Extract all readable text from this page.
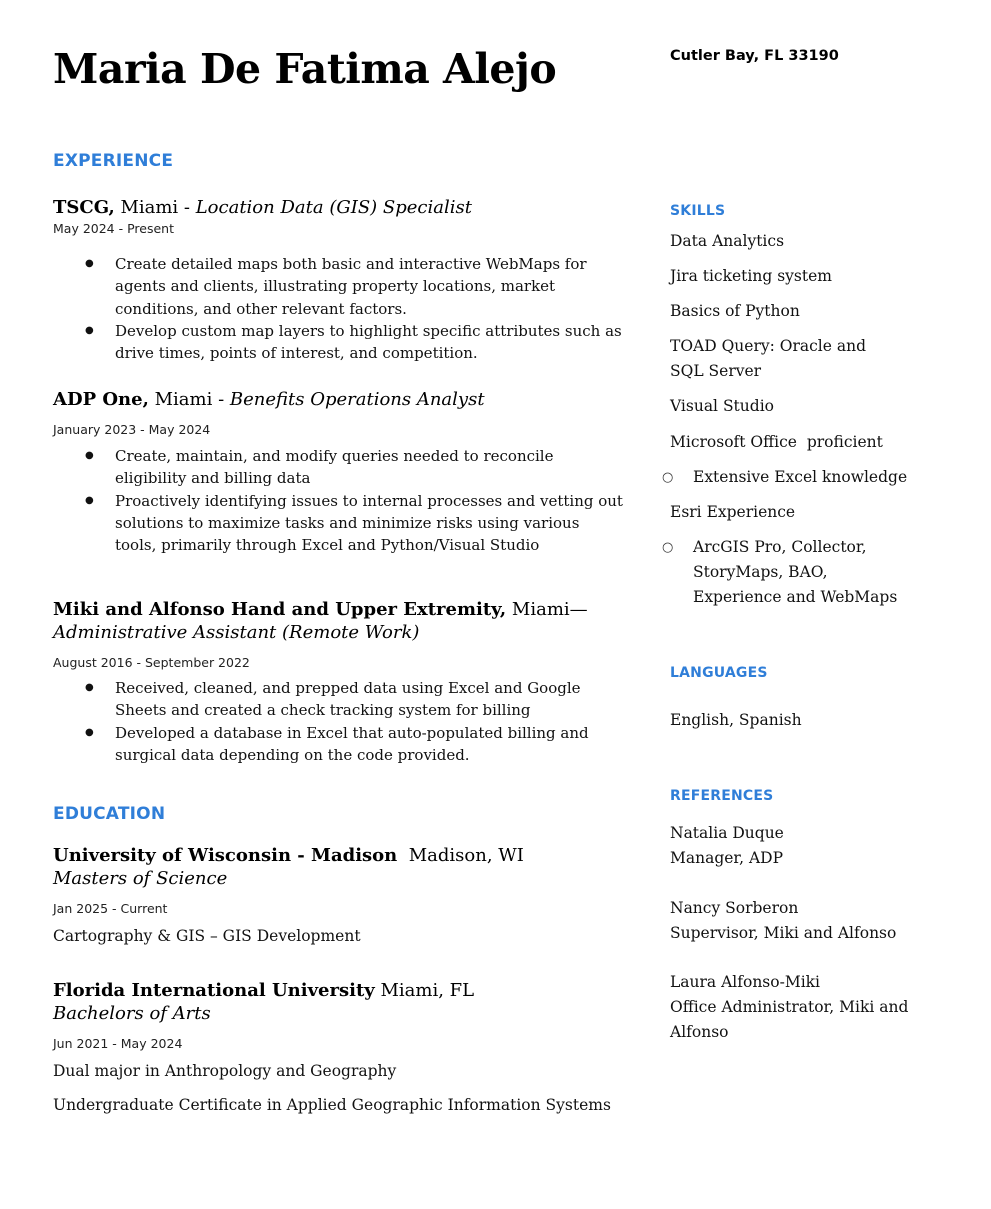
Maria De Fatima Alejo	Cutler Bay, FL 33190
EXPERIENCE
TSCG, Miami - Location Data (GIS) Specialist
May 2024 - Present
● Create detailed maps both basic and interactive WebMaps for agents and clients, illustrating property locations, market conditions, and other relevant factors.
● Develop custom map layers to highlight specific attributes such as drive times, points of interest, and competition.
ADP One, Miami - Benefits Operations Analyst
January 2023 - May 2024
● Create, maintain, and modify queries needed to reconcile eligibility and billing data
● Proactively identifying issues to internal processes and vetting out solutions to maximize tasks and minimize risks using various tools, primarily through Excel and Python/Visual Studio
Miki and Alfonso Hand and Upper Extremity, Miami—
Administrative Assistant (Remote Work)
August 2016 - September 2022
● Received, cleaned, and prepped data using Excel and Google Sheets and created a check tracking system for billing
● Developed a database in Excel that auto-populated billing and surgical data depending on the code provided.
EDUCATION
University of Wisconsin - Madison  Madison, WI
Masters of Science
Jan 2025 - Current
Cartography & GIS – GIS Development
Florida International University Miami, FL
Bachelors of Arts
Jun 2021 - May 2024
Dual major in Anthropology and Geography
Undergraduate Certificate in Applied Geographic Information Systems
SKILLS
Data Analytics
Jira ticketing system
Basics of Python
TOAD Query: Oracle and SQL Server
Visual Studio
Microsoft Office  proficient
○ Extensive Excel knowledge
Esri Experience
○ ArcGIS Pro, Collector, StoryMaps, BAO, Experience and WebMaps
LANGUAGES
English, Spanish
REFERENCES
Natalia Duque
Manager, ADP
Nancy Sorberon
Supervisor, Miki and Alfonso
Laura Alfonso-Miki
Office Administrator, Miki and Alfonso
